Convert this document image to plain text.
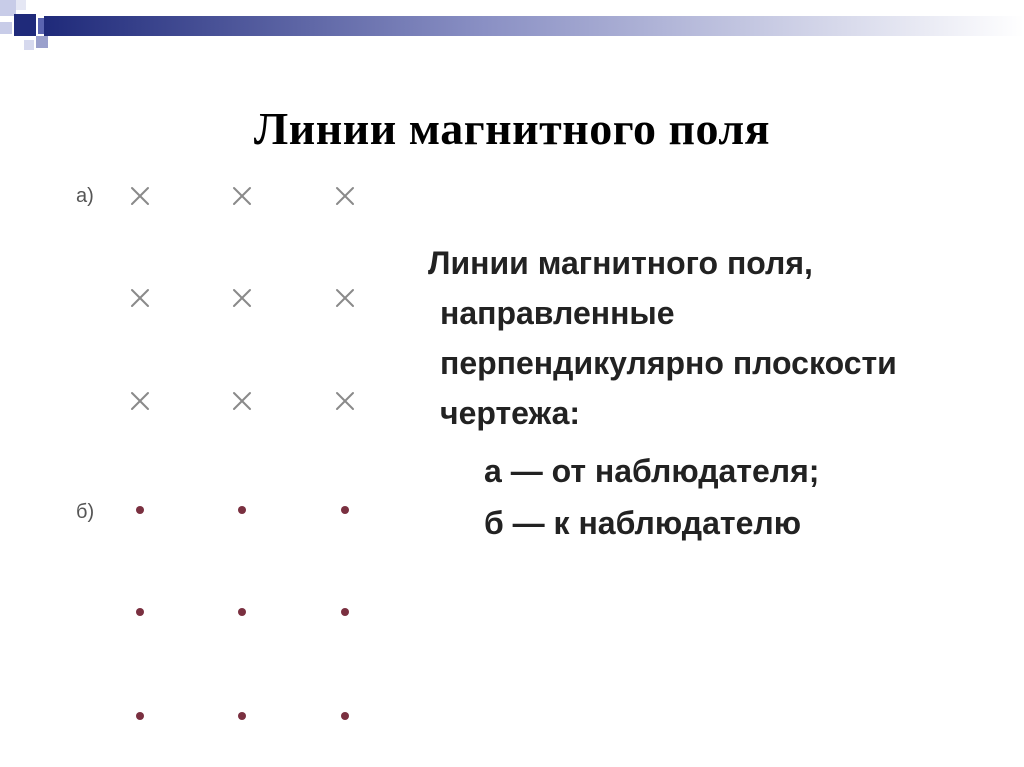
Линии магнитного поля
а)
б)
Линии магнитного поля,
направленные
перпендикулярно плоскости
чертежа:
а — от наблюдателя;
б — к наблюдателю
